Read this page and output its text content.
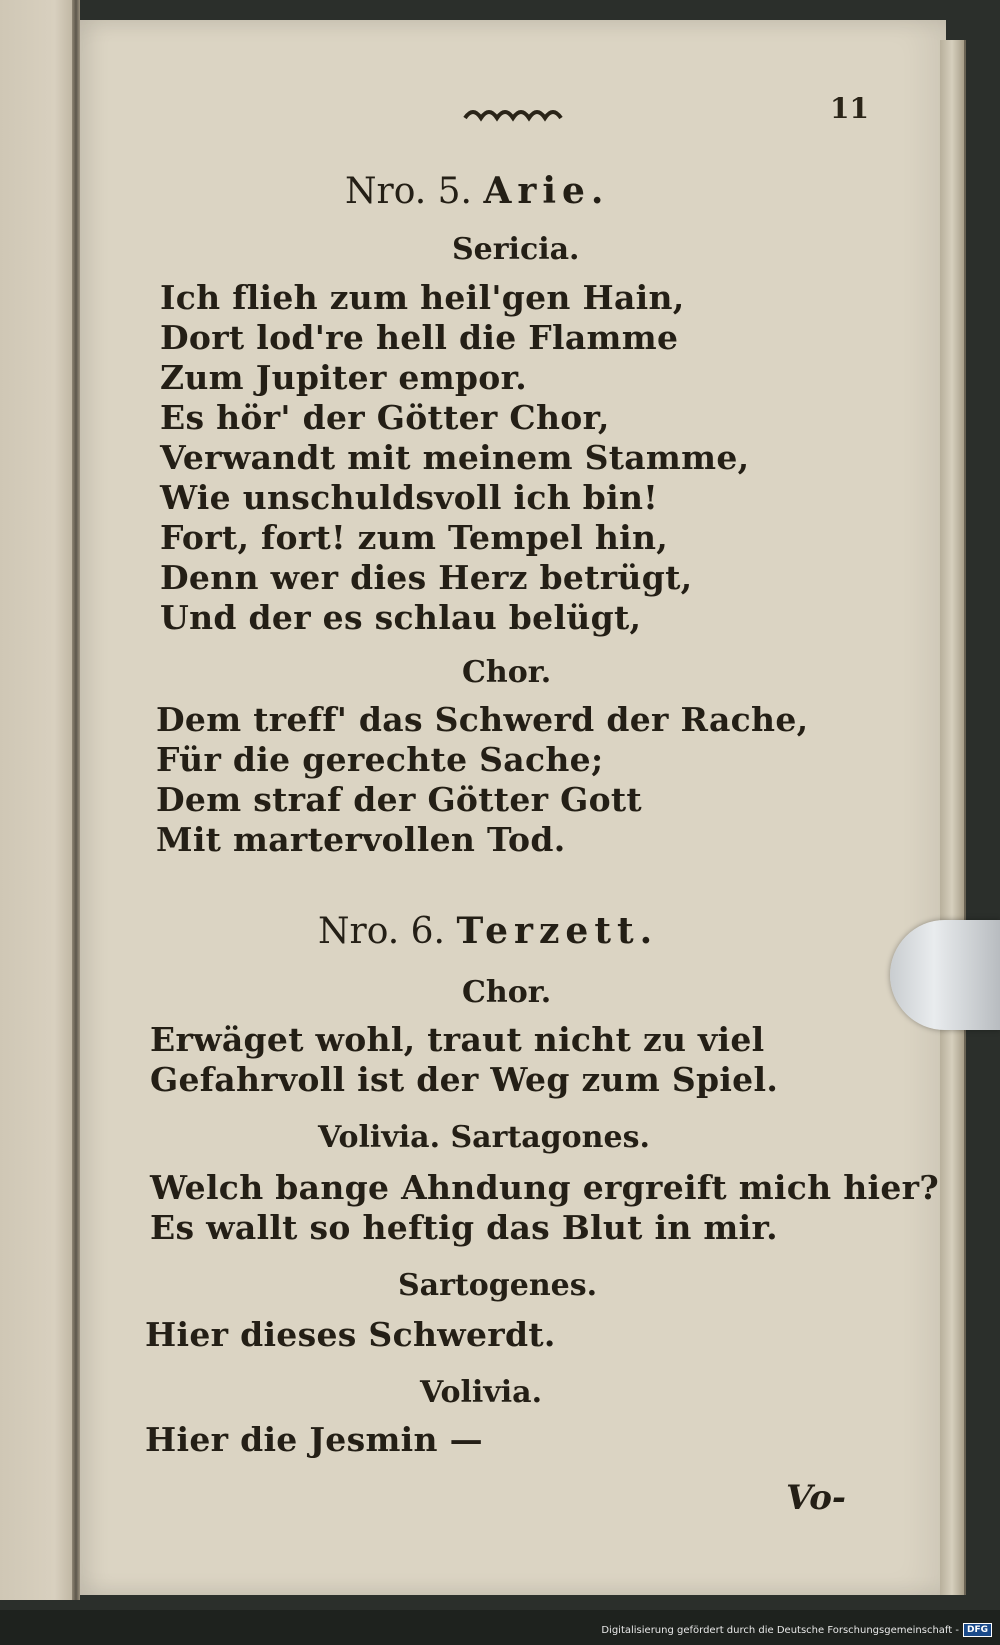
11
Nro. 5. Arie.
Sericia.
Ich flieh zum heil'gen Hain,
Dort lod're hell die Flamme
Zum Jupiter empor.
Es hör' der Götter Chor,
Verwandt mit meinem Stamme,
Wie unschuldsvoll ich bin!
Fort, fort! zum Tempel hin,
Denn wer dies Herz betrügt,
Und der es schlau belügt,
Chor.
Dem treff' das Schwerd der Rache,
Für die gerechte Sache;
Dem straf der Götter Gott
Mit martervollen Tod.
Nro. 6. Terzett.
Chor.
Erwäget wohl, traut nicht zu viel
Gefahrvoll ist der Weg zum Spiel.
Volivia. Sartagones.
Welch bange Ahndung ergreift mich hier?
Es wallt so heftig das Blut in mir.
Sartogenes.
Hier dieses Schwerdt.
Volivia.
Hier die Jesmin —
Vo-
Digitalisierung gefördert durch die Deutsche Forschungsgemeinschaft - DFG
